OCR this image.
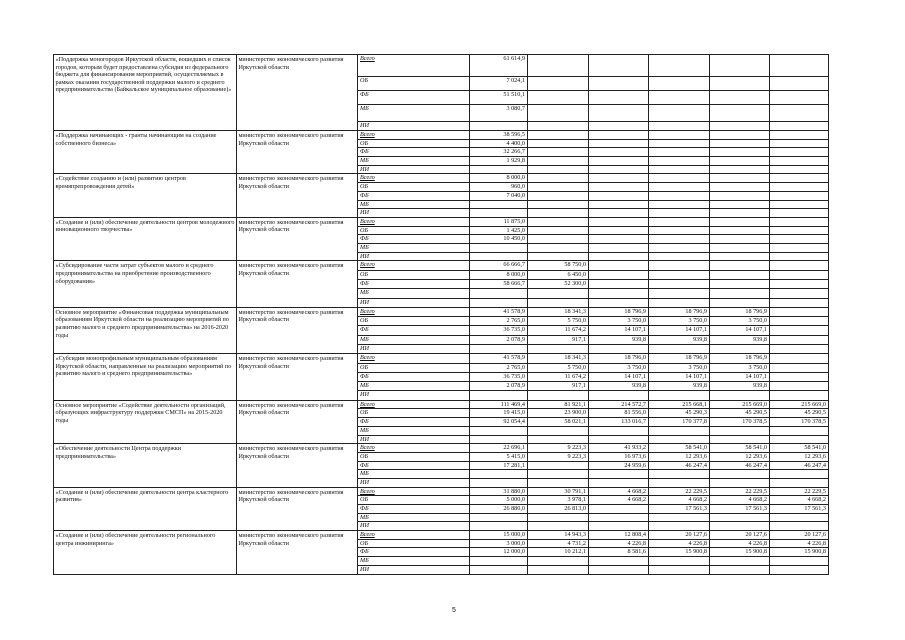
«Поддержка моногородов Иркутской области, вошедших в список городов, которым будет предоставлена субсидия из федерального бюджета для финансирования мероприятий, осуществляемых в рамках оказания государственной поддержки малого и среднего предпринимательства (Байкальское муниципальное образование)»	министерство экономического развития Иркутской области	Всего	61 614,9					
		ОБ	7 024,1					
		ФБ	51 510,1					
		МБ	3 080,7					
		ИИ						
«Поддержка начинающих - гранты начинающим на создание собственного бизнеса»	министерство экономического развития Иркутской области	Всего	38 596,5					
		ОБ	4 400,0					
		ФБ	32 266,7					
		МБ	1 929,8					
		ИИ						
«Содействие созданию и (или) развитию центров времяпрепровождения детей»	министерство экономического развития Иркутской области	Всего	8 000,0					
		ОБ	960,0					
		ФБ	7 040,0					
		МБ						
		ИИ						
«Создание и (или) обеспечение деятельности центров молодежного инновационного творчества»	министерство экономического развития Иркутской области	Всего	11 875,0					
		ОБ	1 425,0					
		ФБ	10 450,0					
		МБ						
		ИИ						
«Субсидирование части затрат субъектов малого и среднего предпринимательства на приобретение производственного оборудования»	министерство экономического развития Иркутской области	Всего	66 666,7	58 750,0				
		ОБ	8 000,0	6 450,0				
		ФБ	58 666,7	52 300,0				
		МБ						
		ИИ						
Основное мероприятие «Финансовая поддержка муниципальным образованиям Иркутской области на реализацию мероприятий по развитию малого и среднего предпринимательства» на 2016-2020 годы	министерство экономического развития Иркутской области	Всего	41 578,9	18 341,3	18 796,9	18 796,9	18 796,9	
		ОБ	2 765,0	5 750,0	3 750,0	3 750,0	3 750,0	
		ФБ	36 735,0	11 674,2	14 107,1	14 107,1	14 107,1	
		МБ	2 078,9	917,1	939,8	939,8	939,8	
		ИИ						
«Субсидии монопрофильным муниципальным образованиям Иркутской области, направленные на реализацию мероприятий по развитию малого и среднего предпринимательства»	министерство экономического развития Иркутской области	Всего	41 578,9	18 341,3	18 796,0	18 796,9	18 796,9	
		ОБ	2 765,0	5 750,0	3 750,0	3 750,0	3 750,0	
		ФБ	36 735,0	11 674,2	14 107,1	14 107,1	14 107,1	
		МБ	2 078,9	917,1	939,8	939,8	939,8	
		ИИ						
Основное мероприятие «Содействие деятельности организаций, образующих инфраструктуру поддержки СМСП» на 2015-2020 годы	министерство экономического развития Иркутской области	Всего	111 469,4	81 921,1	214 572,7	215 668,1	215 669,0	215 669,0
		ОБ	19 415,0	23 900,0	81 556,0	45 290,3	45 290,5	45 290,5
		ФБ	92 054,4	58 021,1	133 016,7	170 377,8	170 378,5	170 378,5
		МБ						
		ИИ						
«Обеспечение деятельности Центра поддержки предпринимательства»	министерство экономического развития Иркутской области	Всего	22 696,1	9 223,3	41 933,2	58 541,0	58 541,0	58 541,0
		ОБ	5 415,0	9 223,3	16 973,6	12 293,6	12 293,6	12 293,6
		ФБ	17 281,1		24 959,6	46 247,4	46 247,4	46 247,4
		МБ						
		ИИ						
«Создание и (или) обеспечение деятельности центра кластерного развития»	министерство экономического развития Иркутской области	Всего	31 880,0	30 791,1	4 668,2	22 229,5	22 229,5	22 229,5
		ОБ	5 000,0	3 978,1	4 668,2	4 668,2	4 668,2	4 668,2
		ФБ	26 880,0	26 813,0		17 561,3	17 561,3	17 561,3
		МБ						
		ИИ						
«Создание и (или) обеспечение деятельности регионального центра инжиниринга»	министерство экономического развития Иркутской области	Всего	15 000,0	14 943,3	12 808,4	20 127,6	20 127,6	20 127,6
		ОБ	3 000,0	4 731,2	4 226,8	4 226,8	4 226,8	4 226,8
		ФБ	12 000,0	10 212,1	8 581,6	15 900,8	15 900,8	15 900,8
		МБ						
		ИИ						
5
